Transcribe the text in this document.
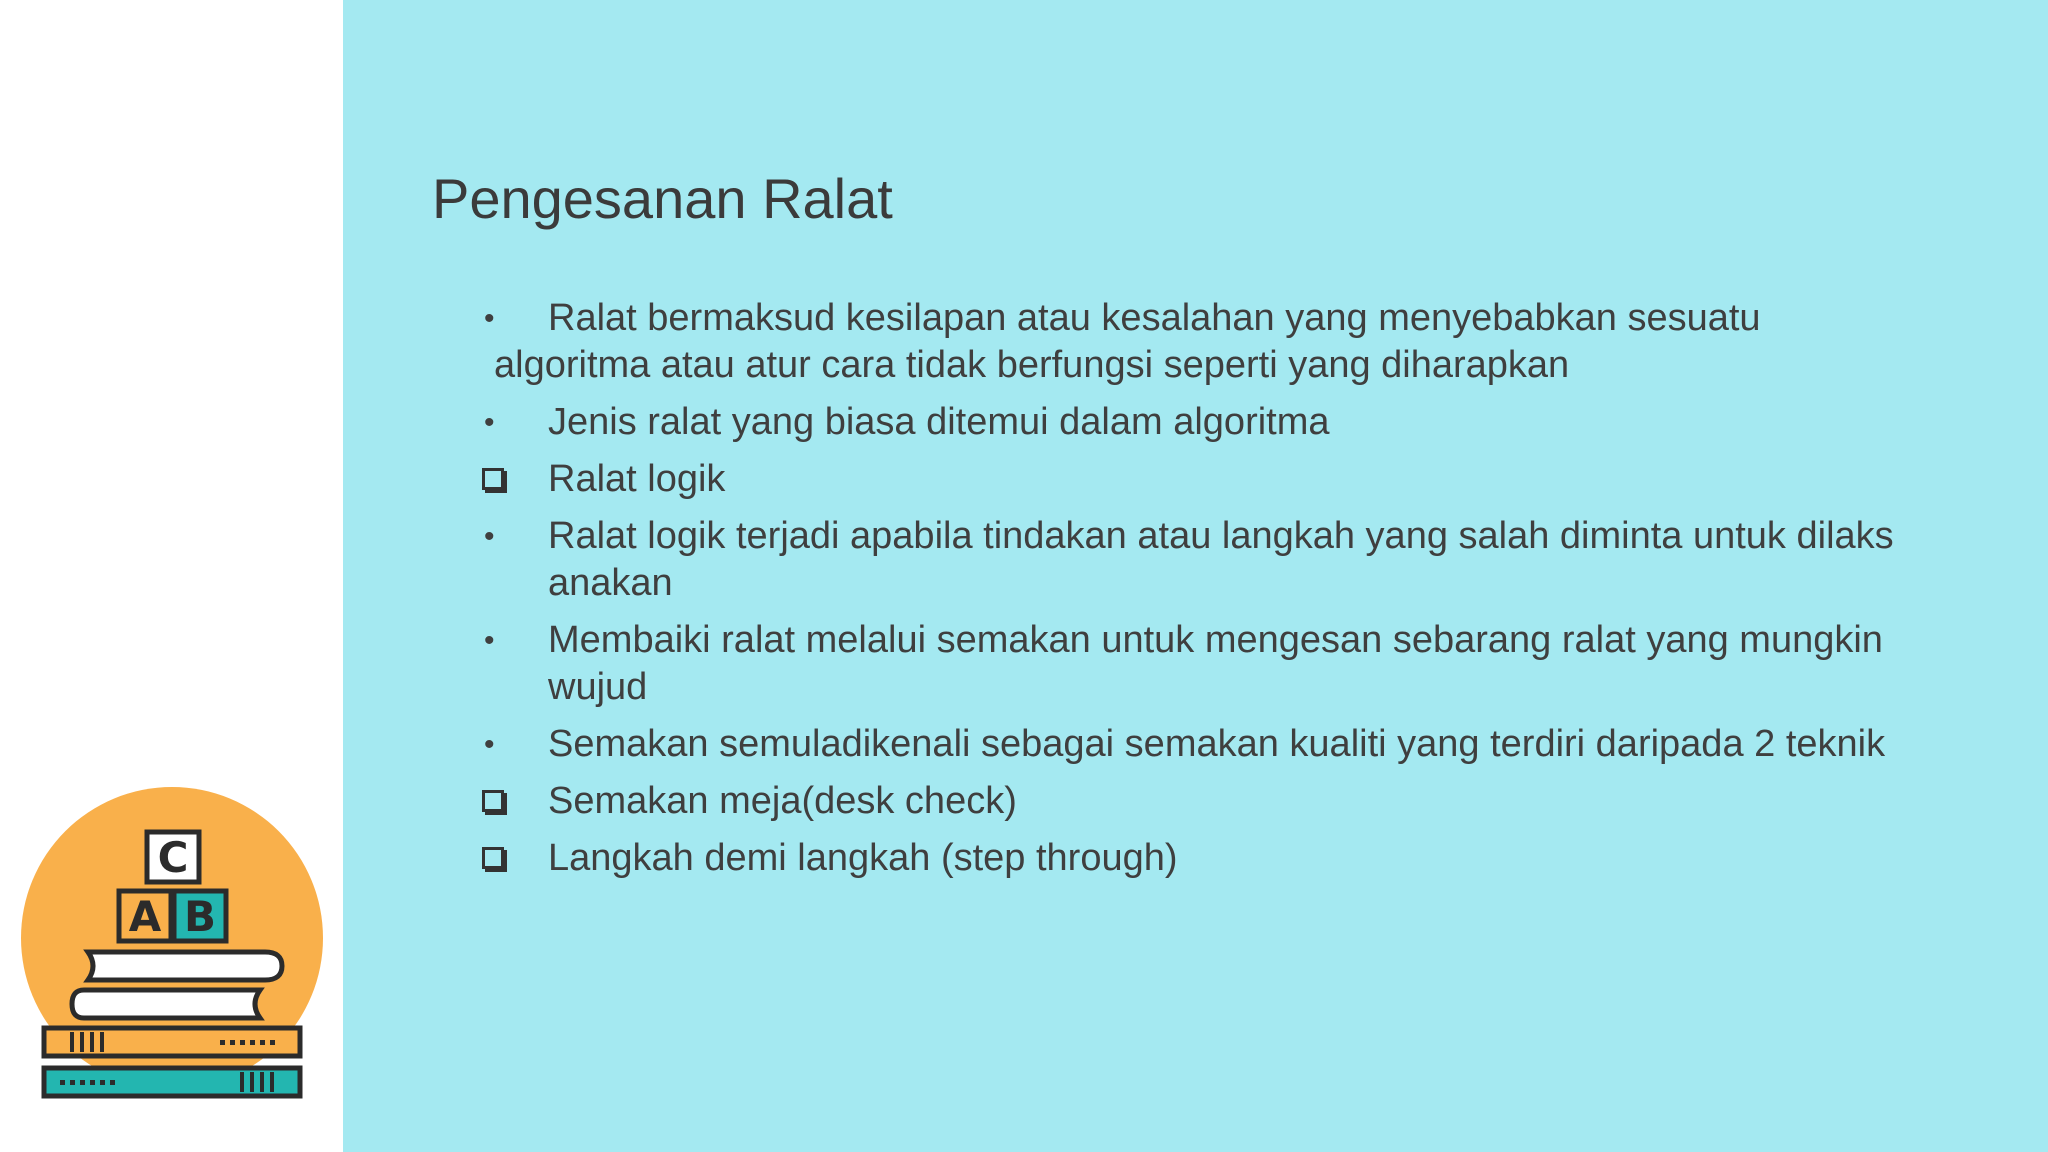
Pengesanan Ralat
•	Ralat bermaksud kesilapan atau kesalahan yang menyebabkan sesuatu
algoritma atau atur cara tidak berfungsi seperti yang diharapkan
•	Jenis ralat yang biasa ditemui dalam algoritma
Ralat logik
•	Ralat logik terjadi apabila tindakan atau langkah yang salah diminta untuk dilaks anakan
•	Membaiki ralat melalui semakan untuk mengesan sebarang ralat yang mungkin wujud
•	Semakan semuladikenali sebagai semakan kualiti yang terdiri daripada 2 teknik
Semakan meja(desk check)
Langkah demi langkah (step through)
C
A B
